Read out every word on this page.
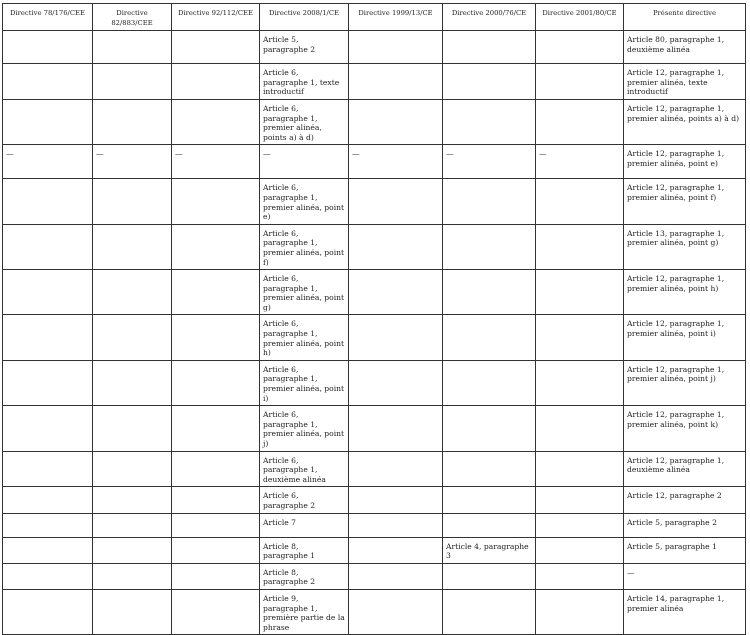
Directive 78/176/CEE	Directive 82/883/CEE	Directive 92/112/CEE	Directive 2008/1/CE	Directive 1999/13/CE	Directive 2000/76/CE	Directive 2001/80/CE	Présente directive
			Article 5, paragraphe 2				Article 80, paragraphe 1, deuxième alinéa
			Article 6, paragraphe 1, texte introductif				Article 12, paragraphe 1, premier alinéa, texte introductif
			Article 6, paragraphe 1, premier alinéa, points a) à d)				Article 12, paragraphe 1, premier alinéa, points a) à d)
—	—	—	—	—	—	—	Article 12, paragraphe 1, premier alinéa, point e)
			Article 6, paragraphe 1, premier alinéa, point e)				Article 12, paragraphe 1, premier alinéa, point f)
			Article 6, paragraphe 1, premier alinéa, point f)				Article 13, paragraphe 1, premier alinéa, point g)
			Article 6, paragraphe 1, premier alinéa, point g)				Article 12, paragraphe 1, premier alinéa, point h)
			Article 6, paragraphe 1, premier alinéa, point h)				Article 12, paragraphe 1, premier alinéa, point i)
			Article 6, paragraphe 1, premier alinéa, point i)				Article 12, paragraphe 1, premier alinéa, point j)
			Article 6, paragraphe 1, premier alinéa, point j)				Article 12, paragraphe 1, premier alinéa, point k)
			Article 6, paragraphe 1, deuxième alinéa				Article 12, paragraphe 1, deuxième alinéa
			Article 6, paragraphe 2				Article 12, paragraphe 2
			Article 7				Article 5, paragraphe 2
			Article 8, paragraphe 1		Article 4, paragraphe 3		Article 5, paragraphe 1
			Article 8, paragraphe 2				—
			Article 9, paragraphe 1, première partie de la phrase				Article 14, paragraphe 1, premier alinéa
